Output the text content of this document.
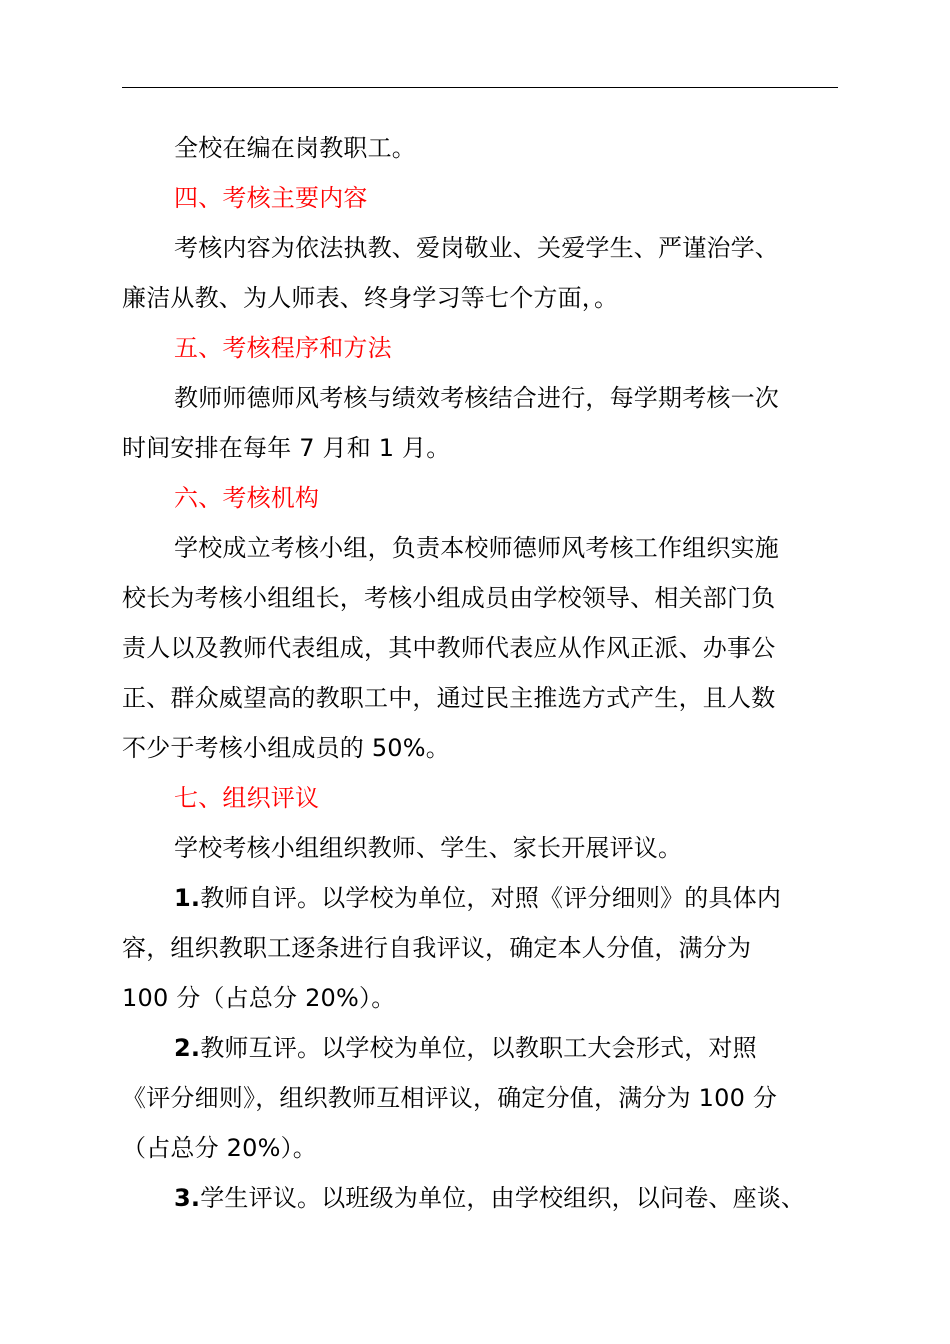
全校在编在岗教职工。
四、考核主要内容
考核内容为依法执教、爱岗敬业、关爱学生、严谨治学、
廉洁从教、为人师表、终身学习等七个方面，。
五、考核程序和方法
教师师德师风考核与绩效考核结合进行，每学期考核一次
时间安排在每年 7 月和 1 月。
六、考核机构
学校成立考核小组，负责本校师德师风考核工作组织实施
校长为考核小组组长，考核小组成员由学校领导、相关部门负
责人以及教师代表组成，其中教师代表应从作风正派、办事公
正、群众威望高的教职工中，通过民主推选方式产生，且人数
不少于考核小组成员的 50%。
七、组织评议
学校考核小组组织教师、学生、家长开展评议。
1.教师自评。以学校为单位，对照《评分细则》的具体内
容，组织教职工逐条进行自我评议，确定本人分值，满分为
100 分（占总分 20%）。
2.教师互评。以学校为单位，以教职工大会形式，对照
《评分细则》，组织教师互相评议，确定分值，满分为 100 分
（占总分 20%）。
3.学生评议。以班级为单位，由学校组织，以问卷、座谈、
